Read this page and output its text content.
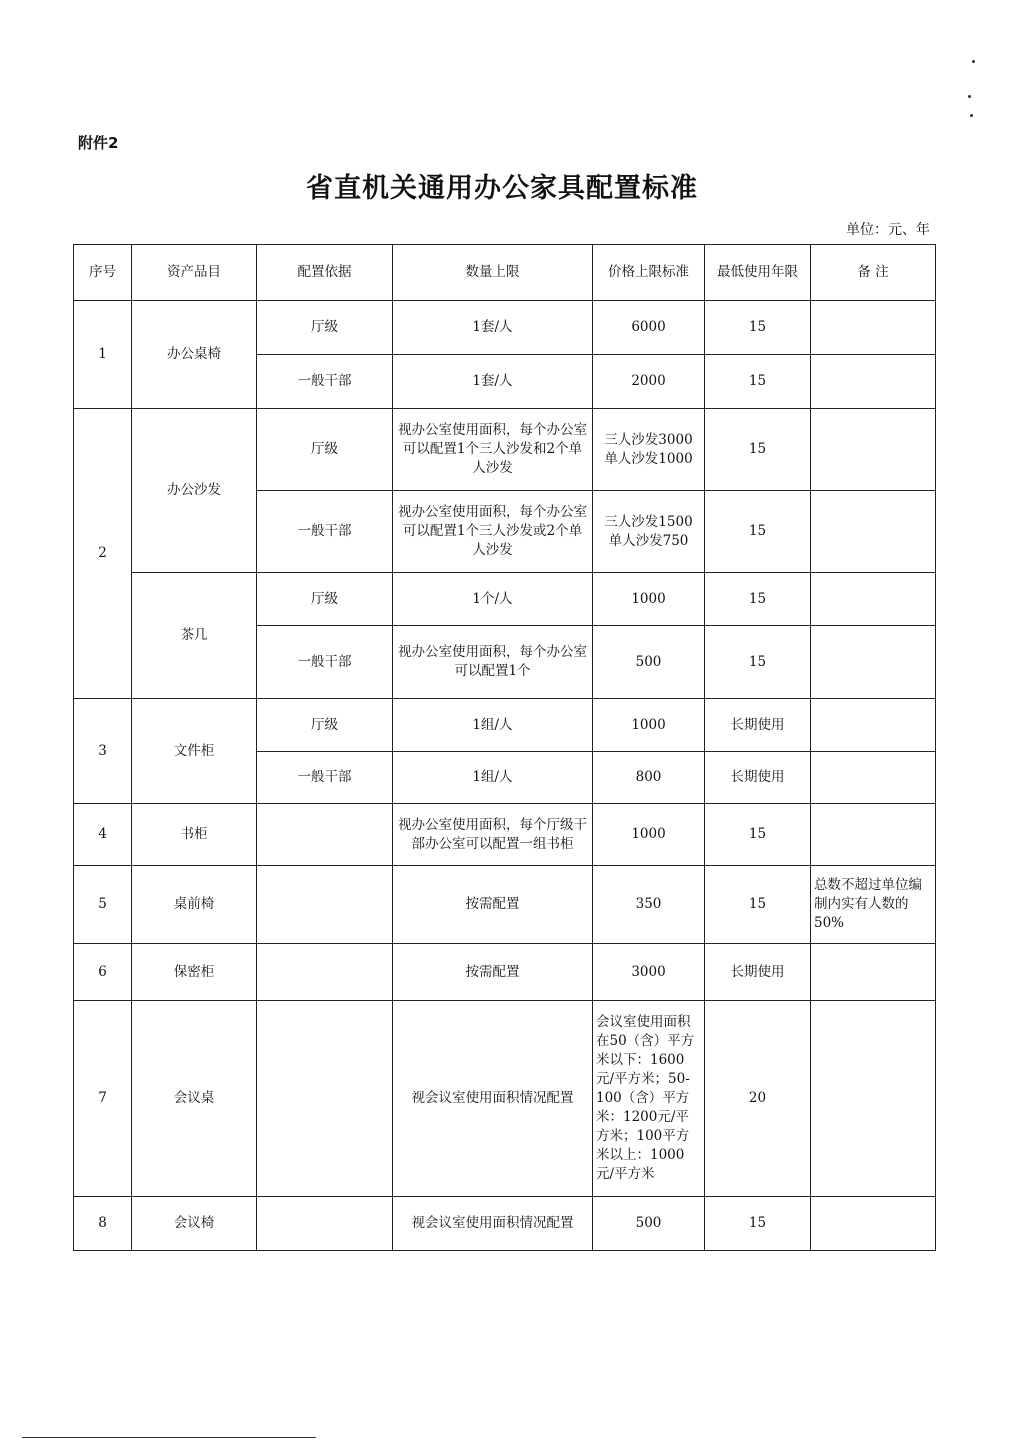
附件2
省直机关通用办公家具配置标准
单位：元、年
序号	资产品目	配置依据	数量上限	价格上限标准	最低使用年限	备 注
1	办公桌椅	厅级	1套/人	6000	15	
		一般干部	1套/人	2000	15	
2	办公沙发	厅级	视办公室使用面积，每个办公室可以配置1个三人沙发和2个单人沙发	三人沙发3000 单人沙发1000	15	
		一般干部	视办公室使用面积，每个办公室可以配置1个三人沙发或2个单人沙发	三人沙发1500 单人沙发750	15	
	茶几	厅级	1个/人	1000	15	
		一般干部	视办公室使用面积，每个办公室可以配置1个	500	15	
3	文件柜	厅级	1组/人	1000	长期使用	
		一般干部	1组/人	800	长期使用	
4	书柜		视办公室使用面积，每个厅级干部办公室可以配置一组书柜	1000	15	
5	桌前椅		按需配置	350	15	总数不超过单位编制内实有人数的50%
6	保密柜		按需配置	3000	长期使用	
7	会议桌		视会议室使用面积情况配置	会议室使用面积在50（含）平方米以下：1600元/平方米；50-100（含）平方米：1200元/平方米；100平方米以上：1000元/平方米	20	
8	会议椅		视会议室使用面积情况配置	500	15	
